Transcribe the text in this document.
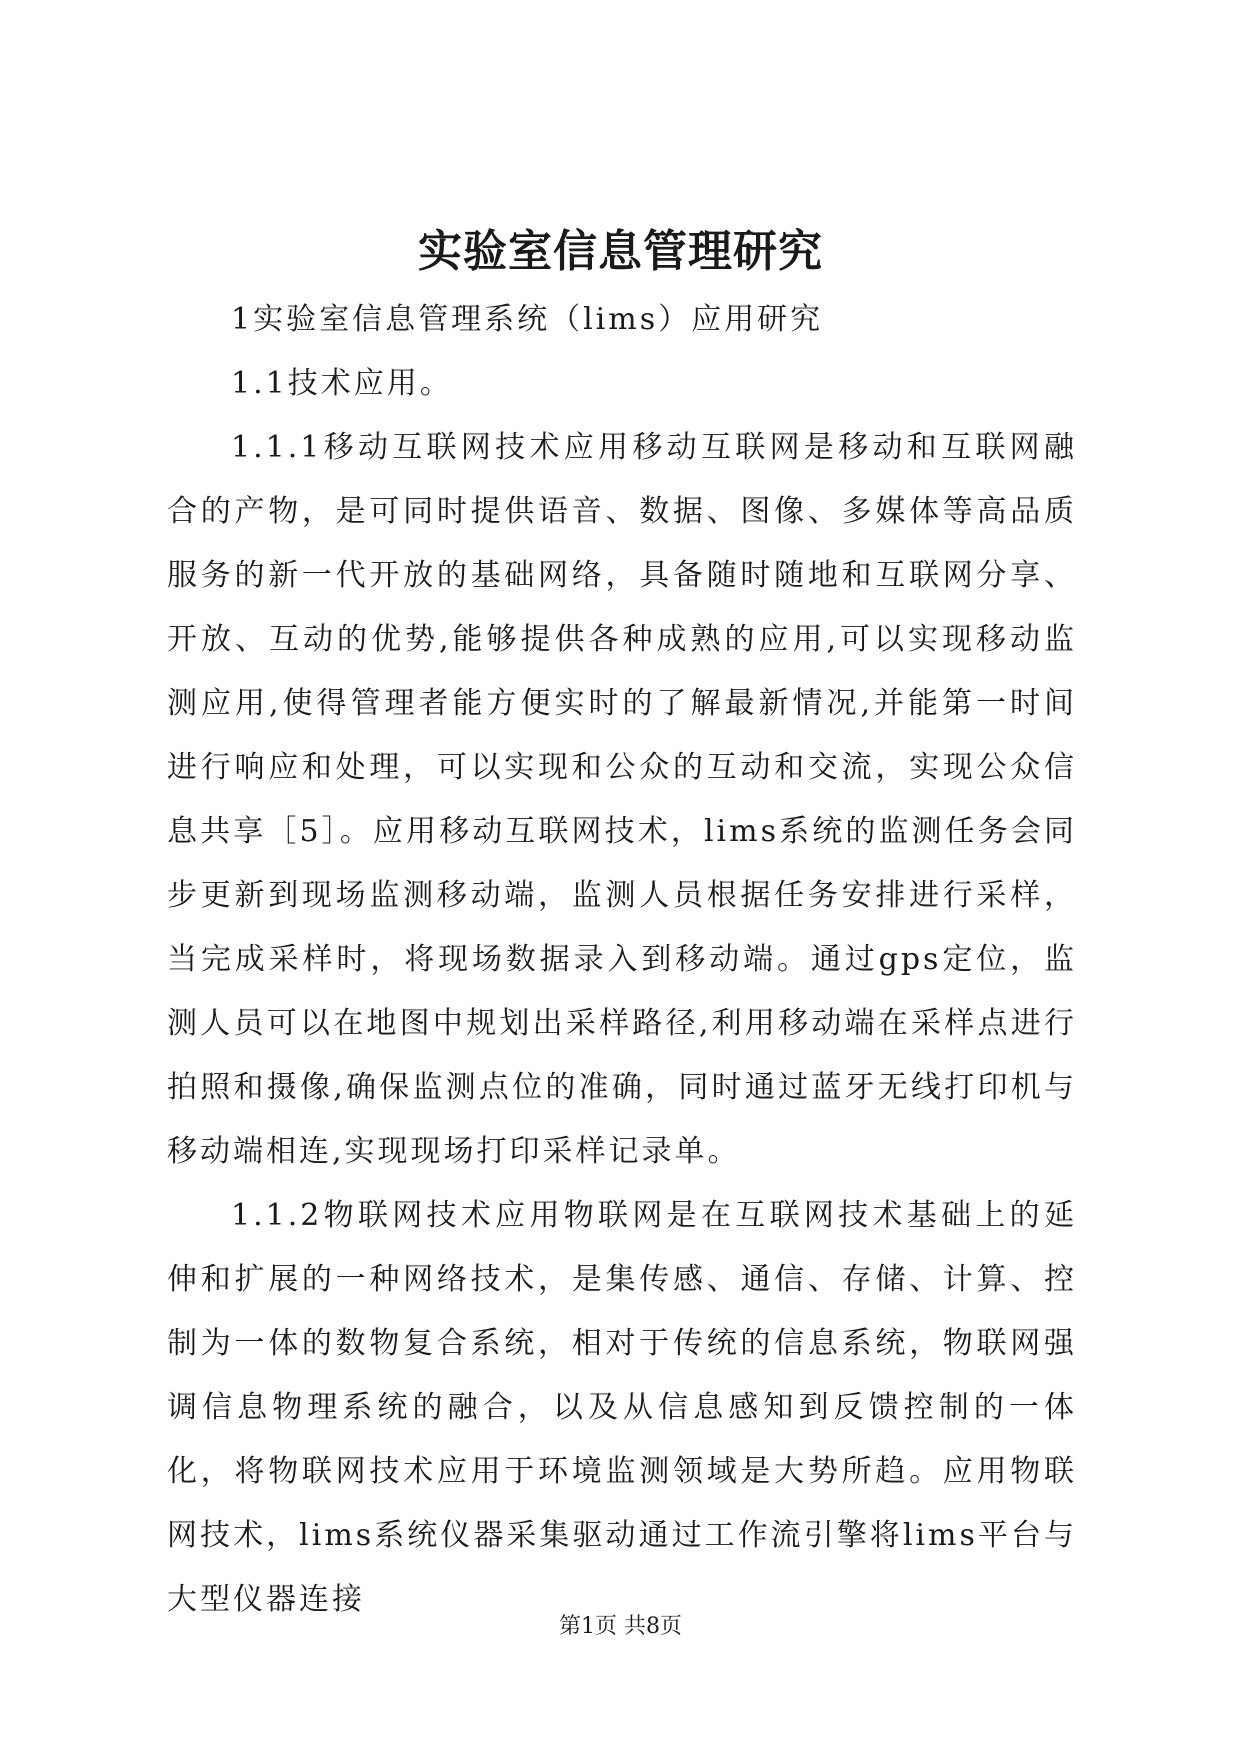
实验室信息管理研究

1实验室信息管理系统（lims）应用研究

1.1技术应用。

1.1.1移动互联网技术应用移动互联网是移动和互联网融合的产物，是可同时提供语音、数据、图像、多媒体等高品质服务的新一代开放的基础网络，具备随时随地和互联网分享、开放、互动的优势,能够提供各种成熟的应用,可以实现移动监测应用,使得管理者能方便实时的了解最新情况,并能第一时间进行响应和处理，可以实现和公众的互动和交流，实现公众信息共享［5］。应用移动互联网技术，lims系统的监测任务会同步更新到现场监测移动端，监测人员根据任务安排进行采样，当完成采样时，将现场数据录入到移动端。通过gps定位，监测人员可以在地图中规划出采样路径,利用移动端在采样点进行拍照和摄像,确保监测点位的准确，同时通过蓝牙无线打印机与移动端相连,实现现场打印采样记录单。

1.1.2物联网技术应用物联网是在互联网技术基础上的延伸和扩展的一种网络技术，是集传感、通信、存储、计算、控制为一体的数物复合系统，相对于传统的信息系统，物联网强调信息物理系统的融合，以及从信息感知到反馈控制的一体化，将物联网技术应用于环境监测领域是大势所趋。应用物联网技术，lims系统仪器采集驱动通过工作流引擎将lims平台与大型仪器连接

第1页 共8页
